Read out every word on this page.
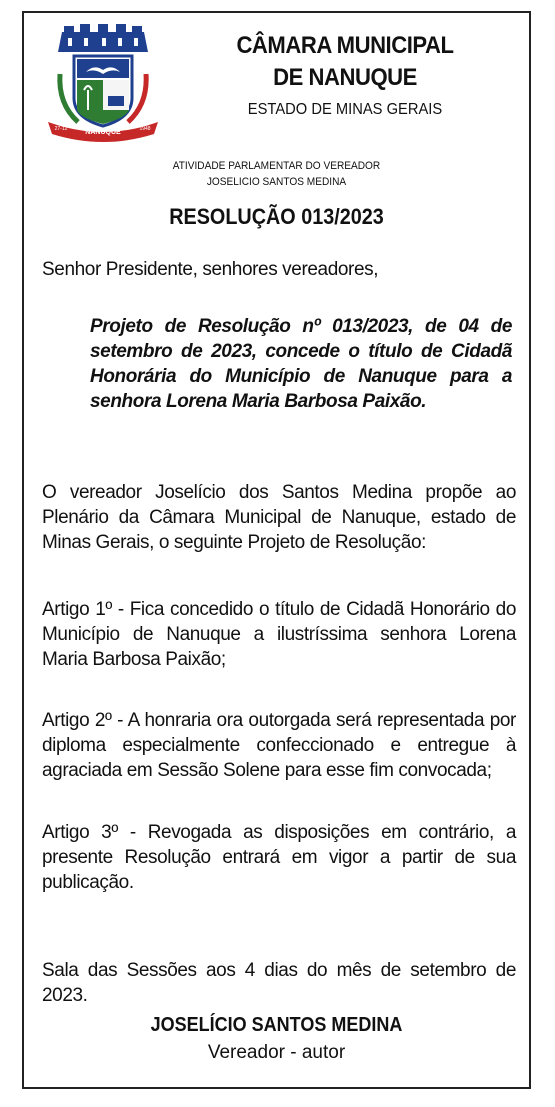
NANUQUE
27-12	1948
CÂMARA MUNICIPAL
DE NANUQUE
ESTADO DE MINAS GERAIS
ATIVIDADE PARLAMENTAR DO VEREADOR
JOSELICIO SANTOS MEDINA
RESOLUÇÃO 013/2023
Senhor Presidente, senhores vereadores,
Projeto de Resolução nº 013/2023, de 04 de setembro de 2023, concede o título de Cidadã Honorária do Município de Nanuque para a senhora Lorena Maria Barbosa Paixão.
O vereador Joselício dos Santos Medina propõe ao Plenário da Câmara Municipal de Nanuque, estado de Minas Gerais, o seguinte Projeto de Resolução:
Artigo 1º - Fica concedido o título de Cidadã Honorário do Município de Nanuque a ilustríssima senhora Lorena Maria Barbosa Paixão;
Artigo 2º - A honraria ora outorgada será representada por diploma especialmente confeccionado e entregue à agraciada em Sessão Solene para esse fim convocada;
Artigo 3º - Revogada as disposições em contrário, a presente Resolução entrará em vigor a partir de sua publicação.
Sala das Sessões aos 4 dias do mês de setembro de 2023.
JOSELÍCIO SANTOS MEDINA
Vereador - autor
